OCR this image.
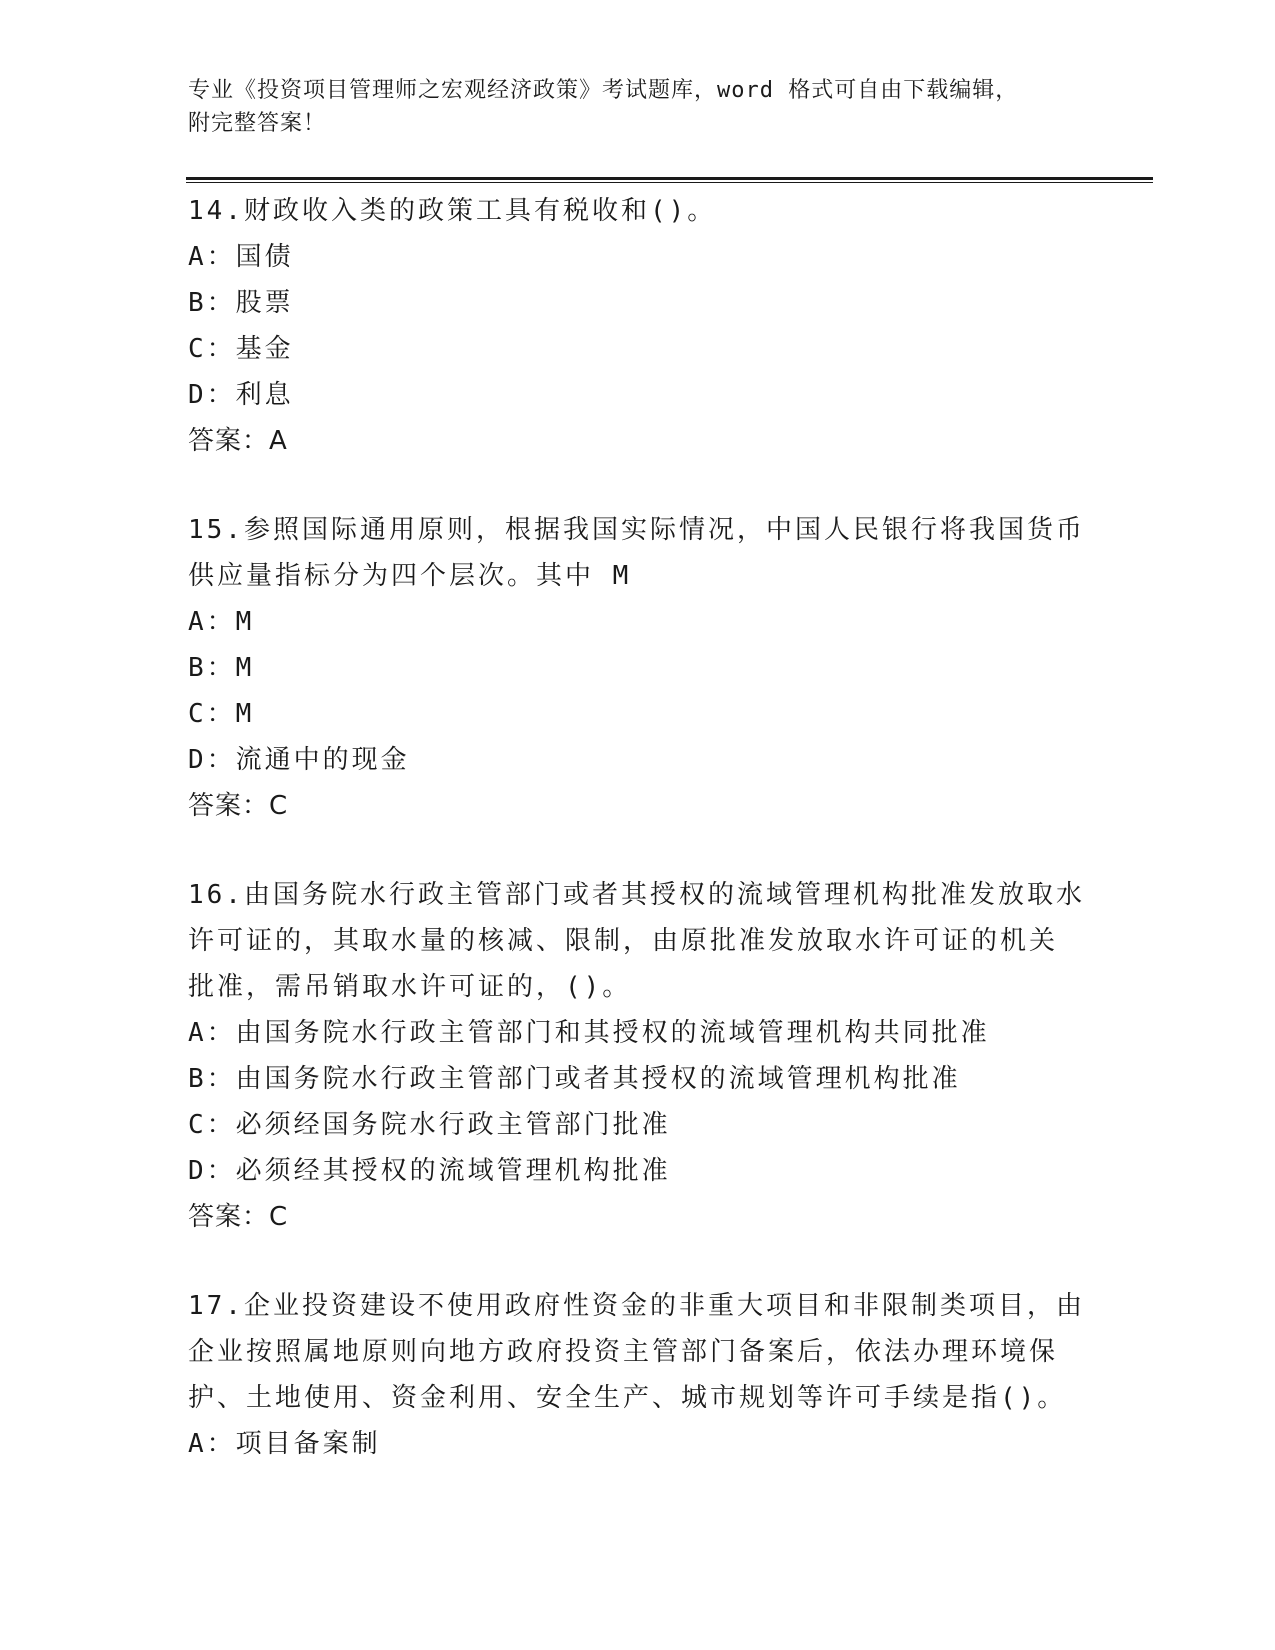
专业《投资项目管理师之宏观经济政策》考试题库，word 格式可自由下载编辑，
附完整答案！
14.财政收入类的政策工具有税收和()。
A：国债
B：股票
C：基金
D：利息
答案：A
15.参照国际通用原则，根据我国实际情况，中国人民银行将我国货币
供应量指标分为四个层次。其中 M
A：M
B：M
C：M
D：流通中的现金
答案：C
16.由国务院水行政主管部门或者其授权的流域管理机构批准发放取水
许可证的，其取水量的核减、限制，由原批准发放取水许可证的机关
批准，需吊销取水许可证的，()。
A：由国务院水行政主管部门和其授权的流域管理机构共同批准
B：由国务院水行政主管部门或者其授权的流域管理机构批准
C：必须经国务院水行政主管部门批准
D：必须经其授权的流域管理机构批准
答案：C
17.企业投资建设不使用政府性资金的非重大项目和非限制类项目，由
企业按照属地原则向地方政府投资主管部门备案后，依法办理环境保
护、土地使用、资金利用、安全生产、城市规划等许可手续是指()。
A：项目备案制
